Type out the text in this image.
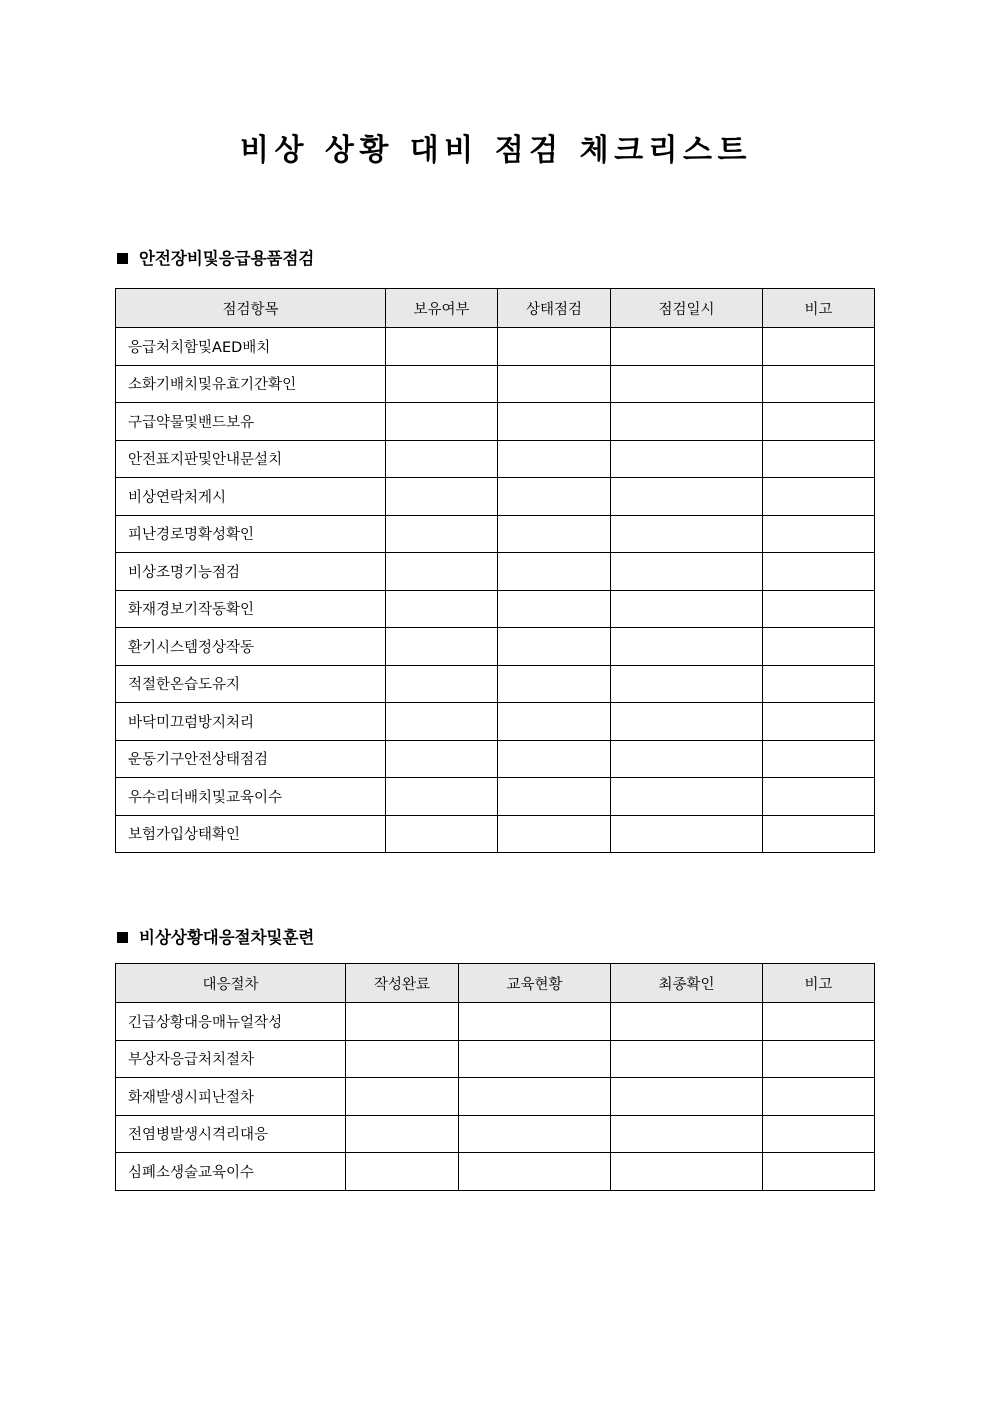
비상 상황 대비 점검 체크리스트
안전장비및응급용품점검
점검항목	보유여부	상태점검	점검일시	비고
응급처치함및AED배치				
소화기배치및유효기간확인				
구급약물및밴드보유				
안전표지판및안내문설치				
비상연락처게시				
피난경로명확성확인				
비상조명기능점검				
화재경보기작동확인				
환기시스템정상작동				
적절한온습도유지				
바닥미끄럼방지처리				
운동기구안전상태점검				
우수리더배치및교육이수				
보험가입상태확인				
비상상황대응절차및훈련
대응절차	작성완료	교육현황	최종확인	비고
긴급상황대응매뉴얼작성				
부상자응급처치절차				
화재발생시피난절차				
전염병발생시격리대응				
심폐소생술교육이수				
